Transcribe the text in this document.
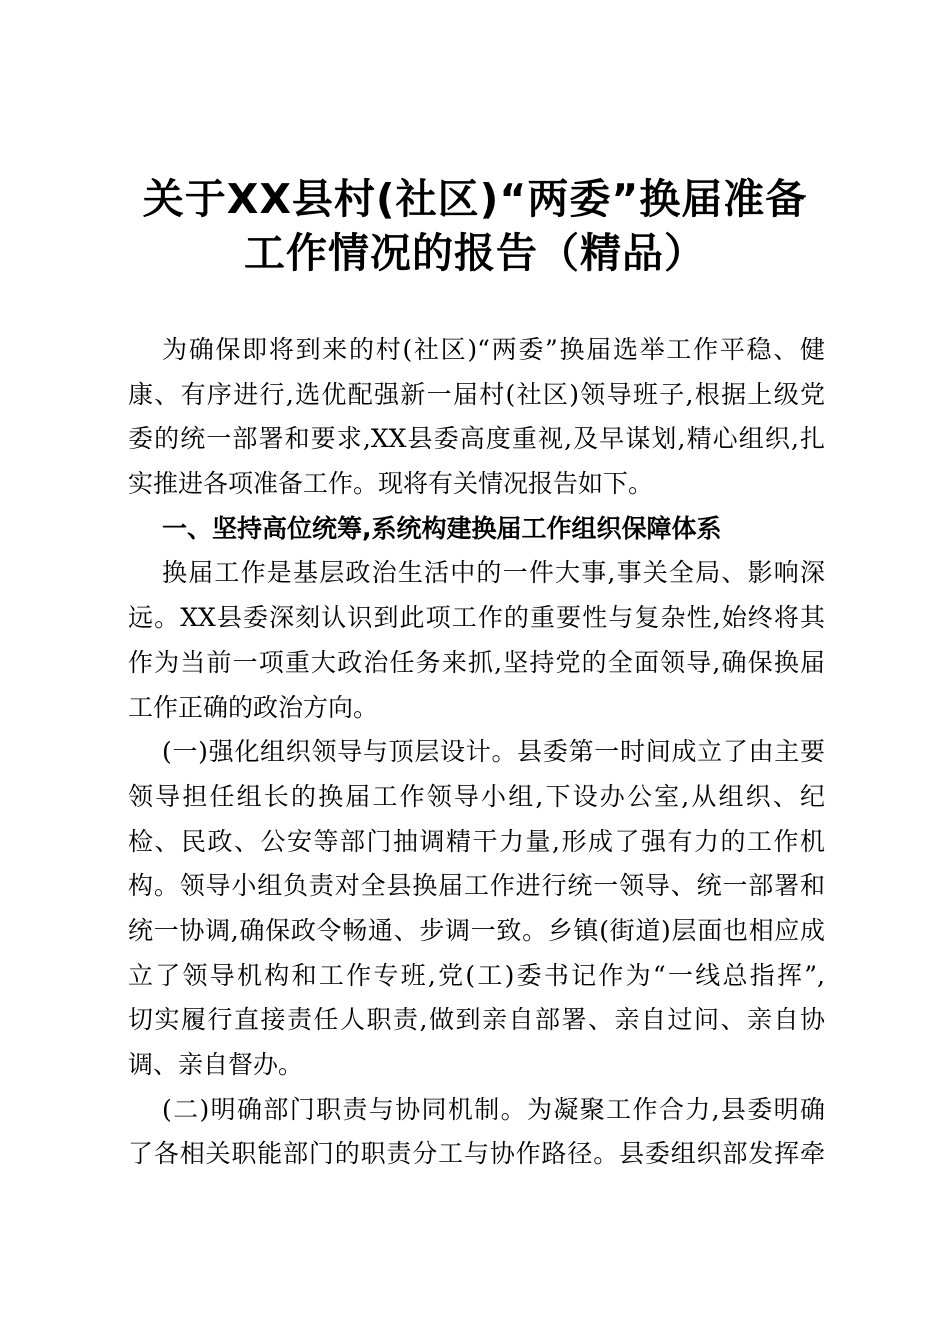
关于XX县村(社区)“两委”换届准备
工作情况的报告（精品）
为确保即将到来的村(社区)“两委”换届选举工作平稳、健
康、有序进行,选优配强新一届村(社区)领导班子,根据上级党
委的统一部署和要求,XX县委高度重视,及早谋划,精心组织,扎
实推进各项准备工作。现将有关情况报告如下。
一、坚持高位统筹,系统构建换届工作组织保障体系
换届工作是基层政治生活中的一件大事,事关全局、影响深
远。XX县委深刻认识到此项工作的重要性与复杂性,始终将其
作为当前一项重大政治任务来抓,坚持党的全面领导,确保换届
工作正确的政治方向。
(一)强化组织领导与顶层设计。县委第一时间成立了由主要
领导担任组长的换届工作领导小组,下设办公室,从组织、纪
检、民政、公安等部门抽调精干力量,形成了强有力的工作机
构。领导小组负责对全县换届工作进行统一领导、统一部署和
统一协调,确保政令畅通、步调一致。乡镇(街道)层面也相应成
立了领导机构和工作专班,党(工)委书记作为“一线总指挥”,
切实履行直接责任人职责,做到亲自部署、亲自过问、亲自协
调、亲自督办。
(二)明确部门职责与协同机制。为凝聚工作合力,县委明确
了各相关职能部门的职责分工与协作路径。县委组织部发挥牵
